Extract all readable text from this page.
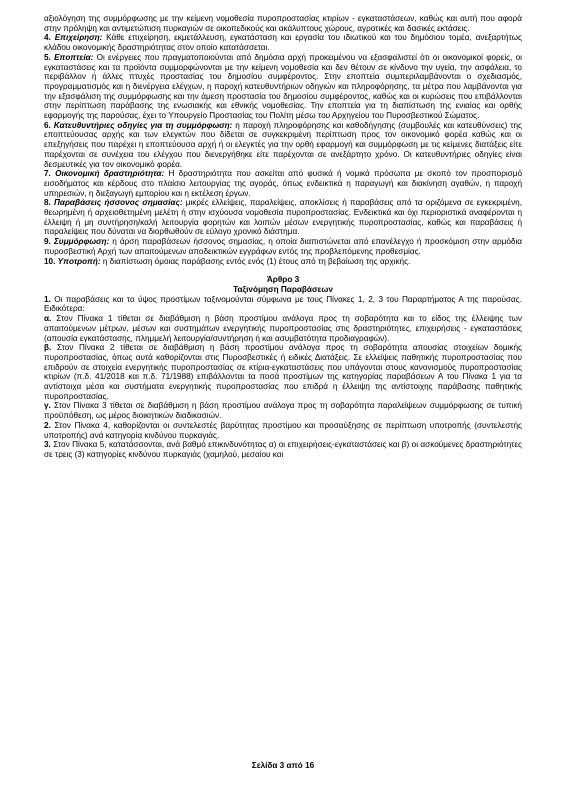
αξιολόγηση της συμμόρφωσης με την κείμενη νομοθεσία πυροπροστασίας κτιρίων - εγκαταστάσεων, καθώς και αυτή που αφορά στην πρόληψη και αντιμετώπιση πυρκαγιών σε οικοπεδικούς και ακάλυπτους χώρους, αγροτικές και δασικές εκτάσεις.

4. Επιχείρηση: Κάθε επιχείρηση, εκμετάλλευση, εγκατάσταση και εργασία του ιδιωτικού και του δημόσιου τομέα, ανεξαρτήτως κλάδου οικονομικής δραστηριότητας στον οποίο κατατάσσεται.

5. Εποπτεία: Οι ενέργειες που πραγματοποιούνται από δημόσια αρχή προκειμένου να εξασφαλιστεί ότι οι οικονομικοί φορείς, οι εγκαταστάσεις και τα προϊόντα συμμορφώνονται με την κείμενη νομοθεσία και δεν θέτουν σε κίνδυνο την υγεία, την ασφάλεια, το περιβάλλον ή άλλες πτυχές προστασίας του δημοσίου συμφέροντος. Στην εποπτεία συμπεριλαμβάνονται ο σχεδιασμός, προγραμματισμός και η διενέργεια ελέγχων, η παροχή κατευθυντήριων οδηγιών και πληροφόρησης, τα μέτρα που λαμβάνονται για την εξασφάλιση της συμμόρφωσης και την άμεση προστασία του δημοσίου συμφέροντος, καθώς και οι κυρώσεις που επιβάλλονται στην περίπτωση παράβασης της ενωσιακής και εθνικής νομοθεσίας. Την εποπτεία για τη διαπίστωση της ενιαίας και ορθής εφαρμογής της παρούσας, έχει το Υπουργείο Προστασίας του Πολίτη μέσω του Αρχηγείου του Πυροσβεστικού Σώματος.

6. Κατευθυντήριες οδηγίες για τη συμμόρφωση: η παροχή πληροφόρησης και καθοδήγησης (συμβουλές και κατευθύνσεις) της εποπτεύουσας αρχής και των ελεγκτών που δίδεται σε συγκεκριμένη περίπτωση προς τον οικονομικό φορέα καθώς και οι επεξηγήσεις που παρέχει η εποπτεύουσα αρχή ή οι ελεγκτές για την ορθή εφαρμογή και συμμόρφωση με τις κείμενες διατάξεις είτε παρέχονται σε συνέχεια του ελέγχου που διενεργήθηκε είτε παρέχονται σε ανεξάρτητο χρόνο. Οι κατευθυντήριες οδηγίες είναι δεσμευτικές για τον οικονομικό φορέα.

7. Οικονομική δραστηριότητα: Η δραστηριότητα που ασκείται από φυσικά ή νομικά πρόσωπα με σκοπό τον προσπορισμό εισοδήματος και κέρδους στο πλαίσιο λειτουργίας της αγοράς, όπως ενδεικτικά η παραγωγή και διακίνηση αγαθών, η παροχή υπηρεσιών, η διεξαγωγή εμπορίου και η εκτέλεση έργων.

8. Παραβάσεις ήσσονος σημασίας: μικρές ελλείψεις, παραλείψεις, αποκλίσεις ή παραβάσεις από τα οριζόμενα σε εγκεκριμένη, θεωρημένη ή αρχειοθετημένη μελέτη ή στην ισχύουσα νομοθεσία πυροπροστασίας. Ενδεικτικά και όχι περιοριστικά αναφέρονται η έλλειψη ή μη συντήρηση/καλή λειτουργία φορητών και λοιπών μέσων ενεργητικής πυροπροστασίας, καθώς και παραβάσεις ή παραλείψεις που δύναται να διορθωθούν σε εύλογο χρονικό διάστημα.

9. Συμμόρφωση: η άρση παραβάσεων ήσσονος σημασίας, η οποία διαπιστώνεται από επανέλεγχο ή προσκόμιση στην αρμόδια πυροσβεστική Αρχή των απαιτούμενων αποδεικτικών εγγράφων εντός της προβλεπόμενης προθεσμίας.

10. Υποτροπή: η διαπίστωση όμοιας παράβασης εντός ενός (1) έτους από τη βεβαίωση της αρχικής.

Άρθρο 3

Ταξινόμηση Παραβάσεων

1. Οι παραβάσεις και το ύψος προστίμων ταξινομούνται σύμφωνα με τους Πίνακες 1, 2, 3 του Παραρτήματος Α της παρούσας. Ειδικότερα:

α. Στον Πίνακα 1 τίθεται σε διαβάθμιση η βάση προστίμου ανάλογα προς τη σοβαρότητα και το είδος της έλλειψης των απαιτούμενων μέτρων, μέσων και συστημάτων ενεργητικής πυροπροστασίας στις δραστηριότητες, επιχειρήσεις - εγκαταστάσεις (απουσία εγκατάστασης, πλημμελή λειτουργία/συντήρηση ή και ασυμβατότητα προδιαγραφών).

β. Στον Πίνακα 2 τίθεται σε διαβάθμιση η βάση προστίμου ανάλογα προς τη σοβαρότητα απουσίας στοιχείων δομικής πυροπροστασίας, όπως αυτά καθορίζονται στις Πυροσβεστικές ή ειδικές Διατάξεις. Σε ελλείψεις παθητικής πυροπροστασίας που επιδρούν σε στοιχεία ενεργητικής πυροπροστασίας σε κτίρια-εγκαταστάσεις που υπάγονται στους κανονισμούς πυροπροστασίας κτιρίων (π.δ. 41/2018 και π.δ. 71/1988) επιβάλλονται τα ποσά προστίμων της κατηγορίας παραβάσεων Α του Πίνακα 1 για τα αντίστοιχα μέσα και συστήματα ενεργητικής πυροπροστασίας που επιδρά η έλλειψη της αντίστοιχης παράβασης παθητικής πυροπροστασίας.

γ. Στον Πίνακα 3 τίθεται σε διαβάθμιση η βάση προστίμου ανάλογα προς τη σοβαρότητα παραλείψεων συμμόρφωσης σε τυπική προϋπόθεση, ως μέρος διοικητικών διαδικασιών.

2. Στον Πίνακα 4, καθορίζονται οι συντελεστές βαρύτητας προστίμου και προσαύξησης σε περίπτωση υποτροπής (συντελεστής υποτροπής) ανά κατηγορία κινδύνου πυρκαγιάς.

3. Στον Πίνακα 5, κατατάσσονται, ανά βαθμό επικινδυνότητας α) οι επιχειρήσεις-εγκαταστάσεις και β) οι ασκούμενες δραστηριότητες σε τρεις (3) κατηγορίες κινδύνου πυρκαγιάς (χαμηλού, μεσαίου και

Σελίδα 3 από 16
